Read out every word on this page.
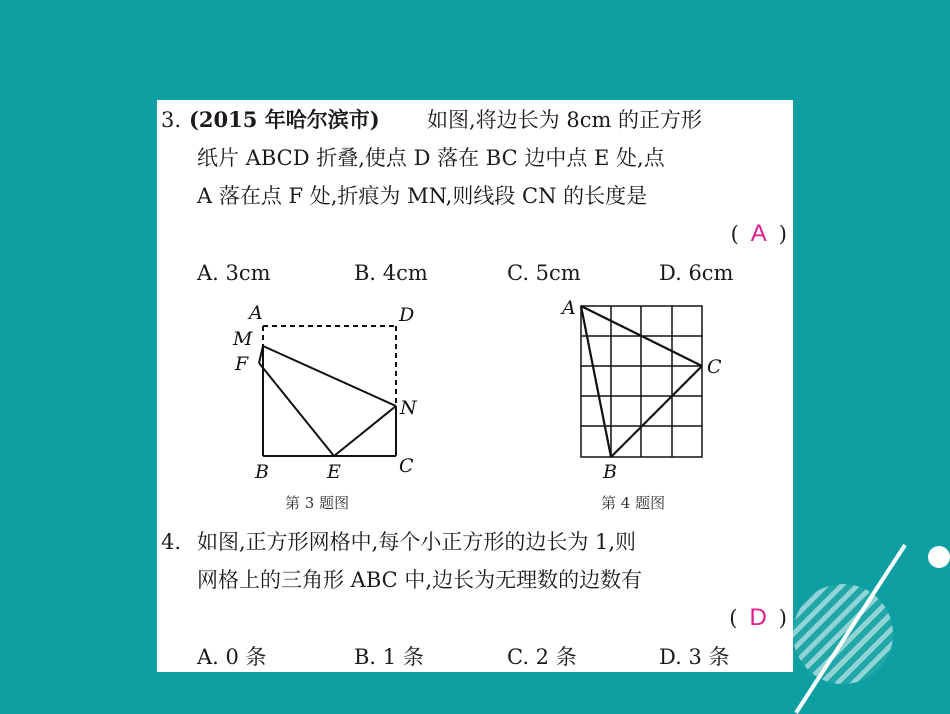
3. (2015 年哈尔滨市) 如图,将边长为 8cm 的正方形
纸片 ABCD 折叠,使点 D 落在 BC 边中点 E 处,点
A 落在点 F 处,折痕为 MN,则线段 CN 的长度是
( A )
A. 3cm	B. 4cm	C. 5cm	D. 6cm
A	D
M
F
N
B	E	C
第 3 题图
A
C
B
第 4 题图
4. 如图,正方形网格中,每个小正方形的边长为 1,则
网格上的三角形 ABC 中,边长为无理数的边数有
( D )
A. 0 条	B. 1 条	C. 2 条	D. 3 条
